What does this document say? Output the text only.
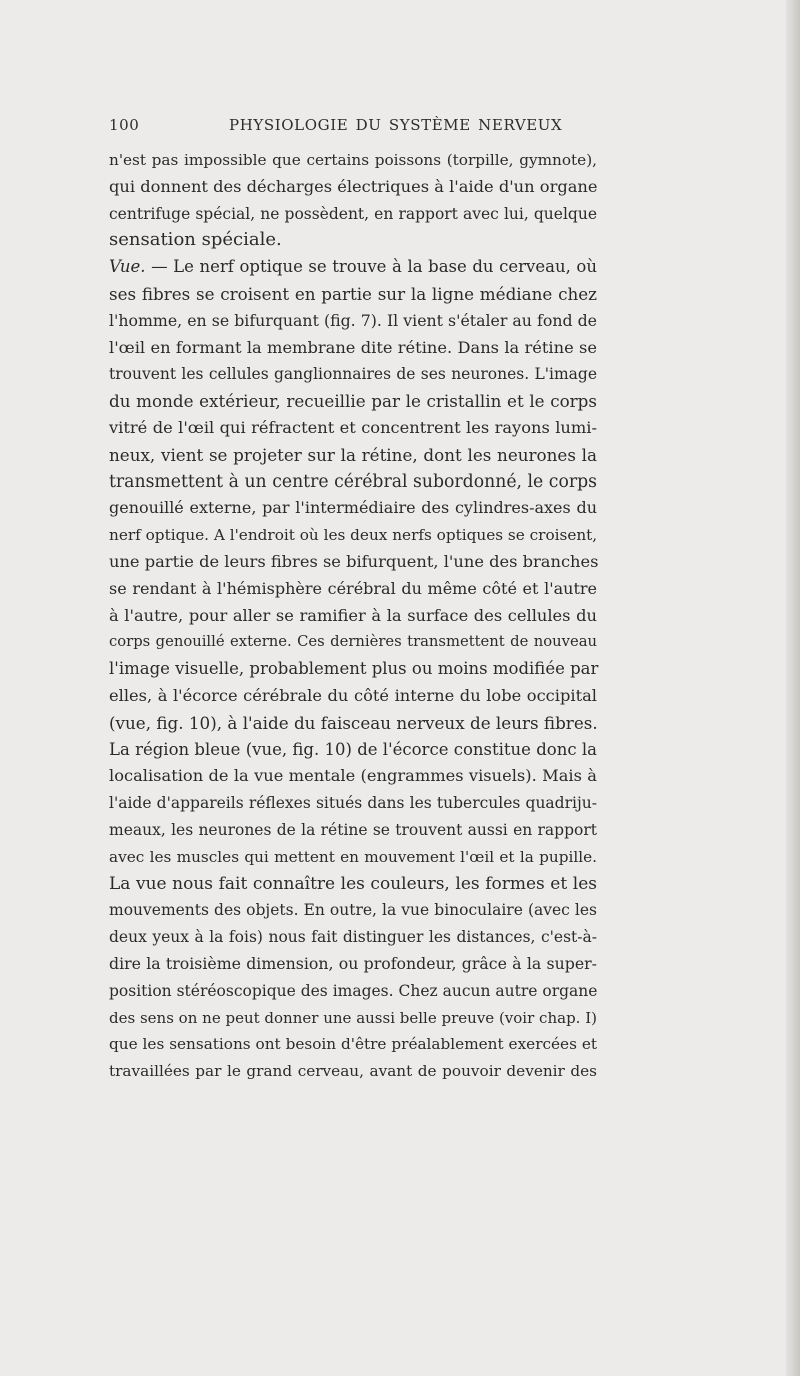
100	PHYSIOLOGIE DU SYSTÈME NERVEUX
n'est pas impossible que certains poissons (torpille, gymnote),
qui donnent des décharges électriques à l'aide d'un organe
centrifuge spécial, ne possèdent, en rapport avec lui, quelque
sensation spéciale.
Vue. — Le nerf optique se trouve à la base du cerveau, où
ses fibres se croisent en partie sur la ligne médiane chez
l'homme, en se bifurquant (fig. 7). Il vient s'étaler au fond de
l'œil en formant la membrane dite rétine. Dans la rétine se
trouvent les cellules ganglionnaires de ses neurones. L'image
du monde extérieur, recueillie par le cristallin et le corps
vitré de l'œil qui réfractent et concentrent les rayons lumi-
neux, vient se projeter sur la rétine, dont les neurones la
transmettent à un centre cérébral subordonné, le corps
genouillé externe, par l'intermédiaire des cylindres-axes du
nerf optique. A l'endroit où les deux nerfs optiques se croisent,
une partie de leurs fibres se bifurquent, l'une des branches
se rendant à l'hémisphère cérébral du même côté et l'autre
à l'autre, pour aller se ramifier à la surface des cellules du
corps genouillé externe. Ces dernières transmettent de nouveau
l'image visuelle, probablement plus ou moins modifiée par
elles, à l'écorce cérébrale du côté interne du lobe occipital
(vue, fig. 10), à l'aide du faisceau nerveux de leurs fibres.
La région bleue (vue, fig. 10) de l'écorce constitue donc la
localisation de la vue mentale (engrammes visuels). Mais à
l'aide d'appareils réflexes situés dans les tubercules quadriju-
meaux, les neurones de la rétine se trouvent aussi en rapport
avec les muscles qui mettent en mouvement l'œil et la pupille.
La vue nous fait connaître les couleurs, les formes et les
mouvements des objets. En outre, la vue binoculaire (avec les
deux yeux à la fois) nous fait distinguer les distances, c'est-à-
dire la troisième dimension, ou profondeur, grâce à la super-
position stéréoscopique des images. Chez aucun autre organe
des sens on ne peut donner une aussi belle preuve (voir chap. I)
que les sensations ont besoin d'être préalablement exercées et
travaillées par le grand cerveau, avant de pouvoir devenir des
